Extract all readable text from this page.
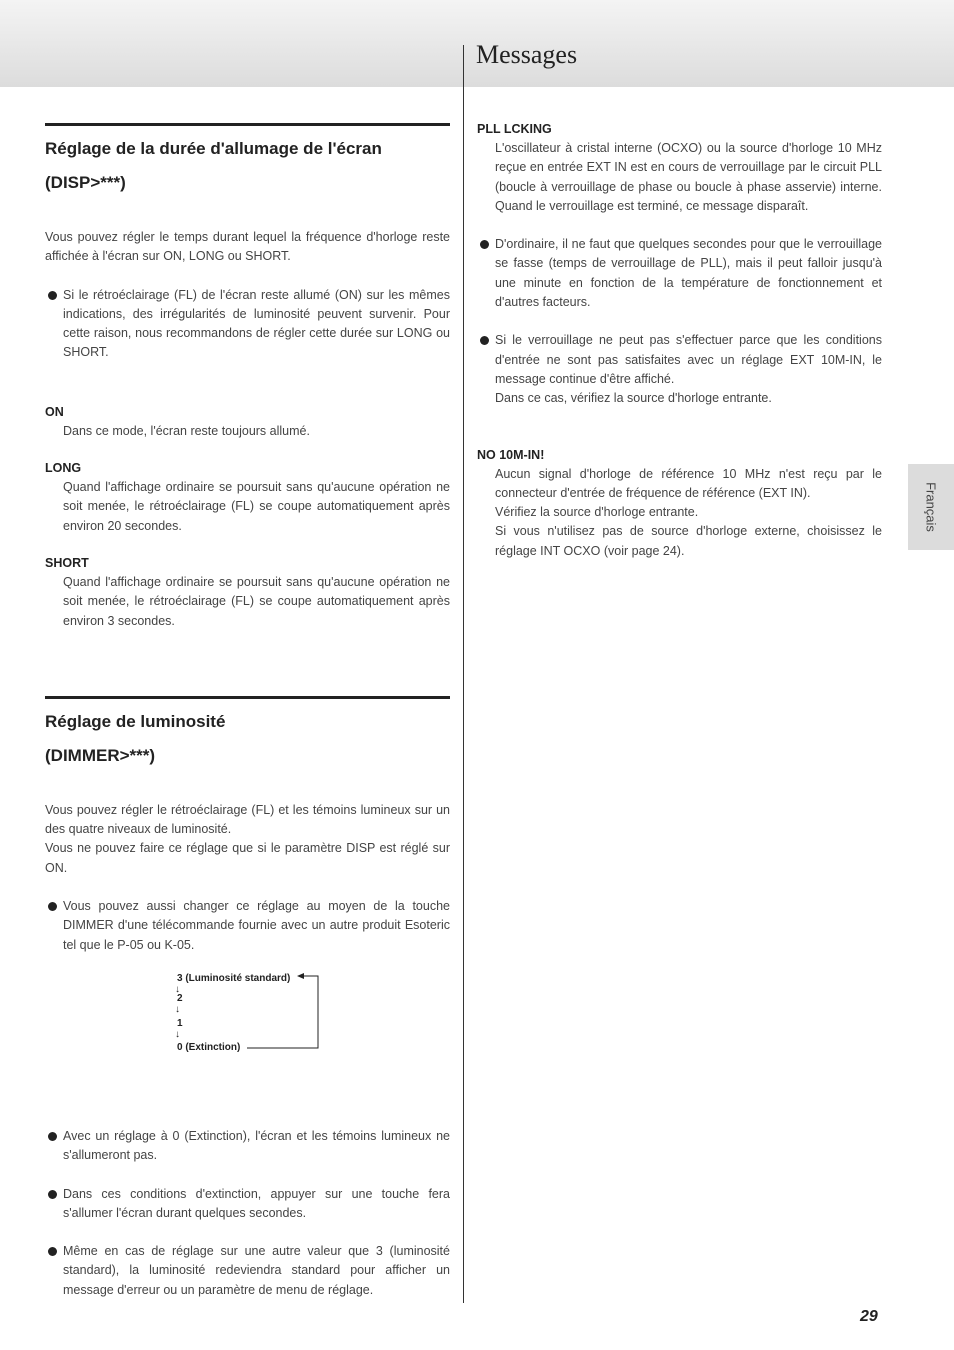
Messages
Réglage de la durée d'allumage de l'écran
(DISP>***)

Vous pouvez régler le temps durant lequel la fréquence d'horloge reste affichée à l'écran sur ON, LONG ou SHORT.

Si le rétroéclairage (FL) de l'écran reste allumé (ON) sur les mêmes indications, des irrégularités de luminosité peuvent survenir. Pour cette raison, nous recommandons de régler cette durée sur LONG ou SHORT.

ON

Dans ce mode, l'écran reste toujours allumé.

LONG

Quand l'affichage ordinaire se poursuit sans qu'aucune opération ne soit menée, le rétroéclairage (FL) se coupe automatiquement après environ 20 secondes.

SHORT

Quand l'affichage ordinaire se poursuit sans qu'aucune opération ne soit menée, le rétroéclairage (FL) se coupe automatiquement après environ 3 secondes.

Réglage de luminosité
(DIMMER>***)

Vous pouvez régler le rétroéclairage (FL) et les témoins lumineux sur un des quatre niveaux de luminosité.

Vous ne pouvez faire ce réglage que si le paramètre DISP est réglé sur ON.

Vous pouvez aussi changer ce réglage au moyen de la touche DIMMER d'une télécommande fournie avec un autre produit Esoteric tel que le P-05 ou K-05.

3 (Luminosité standard)
↓
2
↓
1
↓
0 (Extinction)

Avec un réglage à 0 (Extinction), l'écran et les témoins lumineux ne s'allumeront pas.

Dans ces conditions d'extinction, appuyer sur une touche fera s'allumer l'écran durant quelques secondes.

Même en cas de réglage sur une autre valeur que 3 (luminosité standard), la luminosité redeviendra standard pour afficher un message d'erreur ou un paramètre de menu de réglage.

PLL LCKING

L'oscillateur à cristal interne (OCXO) ou la source d'horloge 10 MHz reçue en entrée EXT IN est en cours de verrouillage par le circuit PLL (boucle à verrouillage de phase ou boucle à phase asservie) interne. Quand le verrouillage est terminé, ce message disparaît.

D'ordinaire, il ne faut que quelques secondes pour que le verrouillage se fasse (temps de verrouillage de PLL), mais il peut falloir jusqu'à une minute en fonction de la température de fonctionnement et d'autres facteurs.

Si le verrouillage ne peut pas s'effectuer parce que les conditions d'entrée ne sont pas satisfaites avec un réglage EXT 10M-IN, le message continue d'être affiché.

Dans ce cas, vérifiez la source d'horloge entrante.

NO 10M-IN!

Aucun signal d'horloge de référence 10 MHz n'est reçu par le connecteur d'entrée de fréquence de référence (EXT IN).

Vérifiez la source d'horloge entrante.

Si vous n'utilisez pas de source d'horloge externe, choisissez le réglage INT OCXO (voir page 24).

Français
29
